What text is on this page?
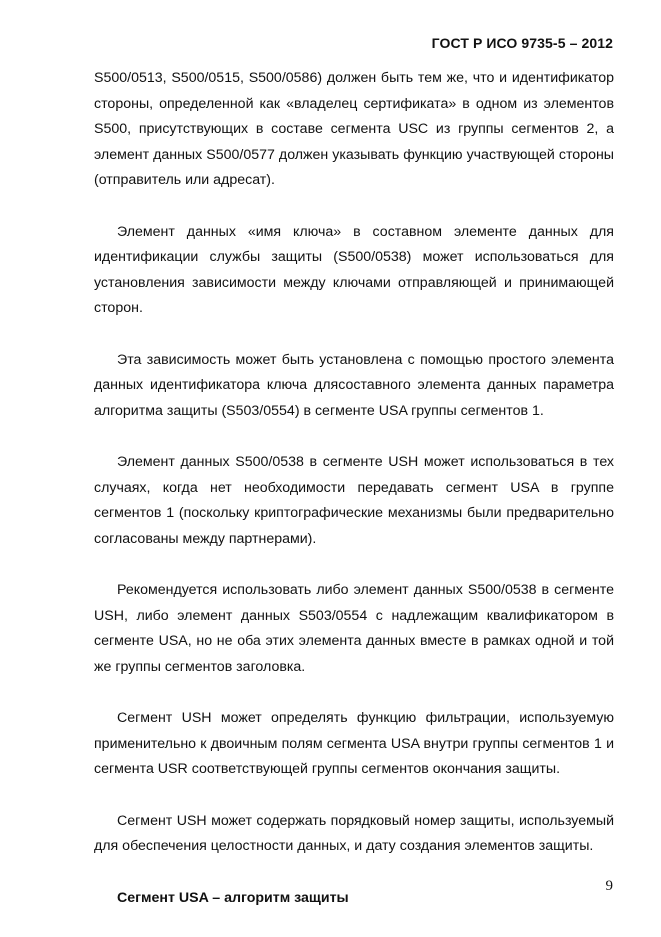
ГОСТ Р ИСО 9735-5 – 2012

S500/0513, S500/0515, S500/0586) должен быть тем же, что и идентификатор стороны, определенной как «владелец сертификата» в одном из элементов S500, присутствующих в составе сегмента USC из группы сегментов 2, а элемент данных S500/0577 должен указывать функцию участвующей стороны (отправитель или адресат).

Элемент данных «имя ключа» в составном элементе данных для идентификации службы защиты (S500/0538) может использоваться для установления зависимости между ключами отправляющей и принимающей сторон.

Эта зависимость может быть установлена с помощью простого элемента данных идентификатора ключа длясоставного элемента данных параметра алгоритма защиты (S503/0554) в сегменте USA группы сегментов 1.

Элемент данных S500/0538 в сегменте USH может использоваться в тех случаях, когда нет необходимости передавать сегмент USA в группе сегментов 1 (поскольку криптографические механизмы были предварительно согласованы между партнерами).

Рекомендуется использовать либо элемент данных S500/0538 в сегменте USH, либо элемент данных S503/0554 с надлежащим квалификатором в сегменте USA, но не оба этих элемента данных вместе в рамках одной и той же группы сегментов заголовка.

Сегмент USH может определять функцию фильтрации, используемую применительно к двоичным полям сегмента USA внутри группы сегментов 1 и сегмента USR соответствующей группы сегментов окончания защиты.

Сегмент USH может содержать порядковый номер защиты, используемый для обеспечения целостности данных, и дату создания элементов защиты.

Сегмент USA – алгоритм защиты

9
